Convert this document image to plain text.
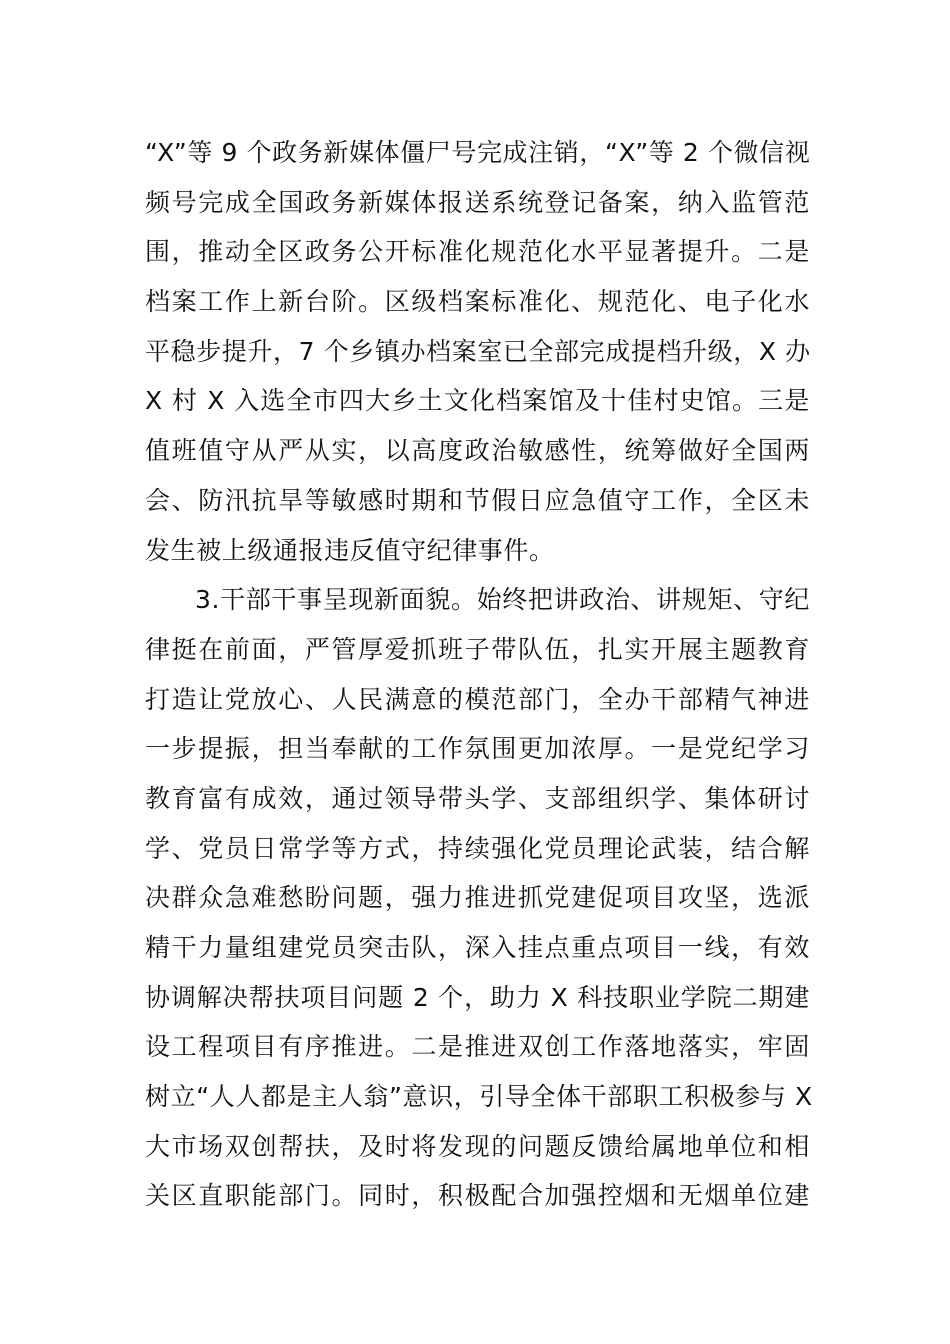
“X”等 9 个政务新媒体僵尸号完成注销，“X”等 2 个微信视
频号完成全国政务新媒体报送系统登记备案，纳入监管范
围，推动全区政务公开标准化规范化水平显著提升。二是
档案工作上新台阶。区级档案标准化、规范化、电子化水
平稳步提升，7 个乡镇办档案室已全部完成提档升级，X 办
X 村 X 入选全市四大乡土文化档案馆及十佳村史馆。三是
值班值守从严从实，以高度政治敏感性，统筹做好全国两
会、防汛抗旱等敏感时期和节假日应急值守工作，全区未
发生被上级通报违反值守纪律事件。
3.干部干事呈现新面貌。始终把讲政治、讲规矩、守纪
律挺在前面，严管厚爱抓班子带队伍，扎实开展主题教育
打造让党放心、人民满意的模范部门，全办干部精气神进
一步提振，担当奉献的工作氛围更加浓厚。一是党纪学习
教育富有成效，通过领导带头学、支部组织学、集体研讨
学、党员日常学等方式，持续强化党员理论武装，结合解
决群众急难愁盼问题，强力推进抓党建促项目攻坚，选派
精干力量组建党员突击队，深入挂点重点项目一线，有效
协调解决帮扶项目问题 2 个，助力 X 科技职业学院二期建
设工程项目有序推进。二是推进双创工作落地落实，牢固
树立“人人都是主人翁”意识，引导全体干部职工积极参与 X
大市场双创帮扶，及时将发现的问题反馈给属地单位和相
关区直职能部门。同时，积极配合加强控烟和无烟单位建
